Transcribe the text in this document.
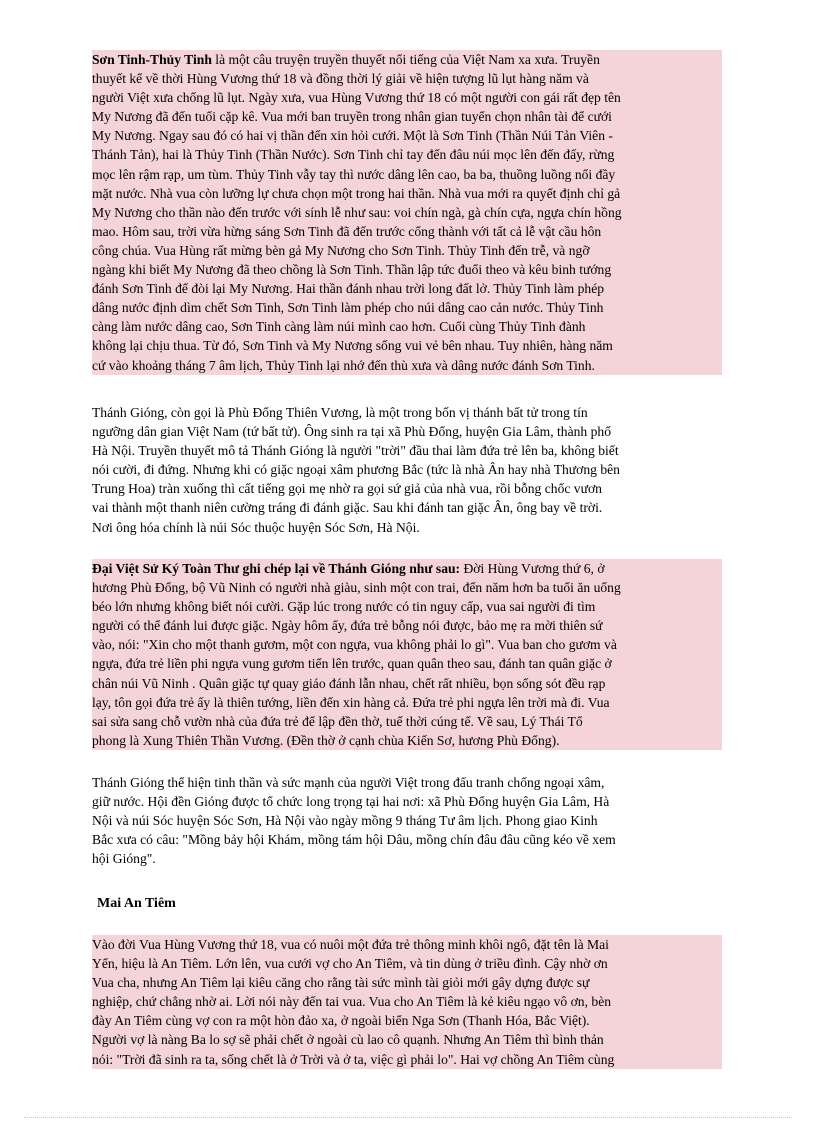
Sơn Tinh-Thủy Tinh là một câu truyện truyền thuyết nổi tiếng của Việt Nam xa xưa. Truyền
thuyết kể về thời Hùng Vương thứ 18 và đồng thời lý giải về hiện tượng lũ lụt hàng năm và
người Việt xưa chống lũ lụt. Ngày xưa, vua Hùng Vương thứ 18 có một người con gái rất đẹp tên
My Nương đã đến tuổi cặp kê. Vua mới ban truyền trong nhân gian tuyển chọn nhân tài để cưới
My Nương. Ngay sau đó có hai vị thần đến xin hỏi cưới. Một là Sơn Tinh (Thần Núi Tản Viên -
Thánh Tản), hai là Thủy Tinh (Thần Nước). Sơn Tinh chỉ tay đến đâu núi mọc lên đến đấy, rừng
mọc lên rậm rạp, um tùm. Thủy Tinh vẫy tay thì nước dâng lên cao, ba ba, thuồng luồng nổi đầy
mặt nước. Nhà vua còn lưỡng lự chưa chọn một trong hai thần. Nhà vua mới ra quyết định chỉ gả
My Nương cho thần nào đến trước với sính lễ như sau: voi chín ngà, gà chín cựa, ngựa chín hồng
mao. Hôm sau, trời vừa hừng sáng Sơn Tinh đã đến trước cổng thành với tất cả lễ vật cầu hôn
công chúa. Vua Hùng rất mừng bèn gả My Nương cho Sơn Tinh. Thủy Tinh đến trễ, và ngỡ
ngàng khi biết My Nương đã theo chồng là Sơn Tinh. Thần lập tức đuổi theo và kêu binh tướng
đánh Sơn Tinh để đòi lại My Nương. Hai thần đánh nhau trời long đất lở. Thủy Tinh làm phép
dâng nước định dìm chết Sơn Tinh, Sơn Tinh làm phép cho núi dâng cao cản nước. Thủy Tinh
càng làm nước dâng cao, Sơn Tinh càng làm núi mình cao hơn. Cuối cùng Thủy Tinh đành
không lại chịu thua. Từ đó, Sơn Tinh và My Nương sống vui vẻ bên nhau. Tuy nhiên, hàng năm
cứ vào khoảng tháng 7 âm lịch, Thủy Tinh lại nhớ đến thù xưa và dâng nước đánh Sơn Tinh.
Thánh Gióng, còn gọi là Phù Đổng Thiên Vương, là một trong bốn vị thánh bất tử trong tín
ngưỡng dân gian Việt Nam (tứ bất tử). Ông sinh ra tại xã Phù Đổng, huyện Gia Lâm, thành phố
Hà Nội. Truyền thuyết mô tả Thánh Gióng là người "trời" đầu thai làm đứa trẻ lên ba, không biết
nói cười, đi đứng. Nhưng khi có giặc ngoại xâm phương Bắc (tức là nhà Ân hay nhà Thương bên
Trung Hoa) tràn xuống thì cất tiếng gọi mẹ nhờ ra gọi sứ giả của nhà vua, rồi bỗng chốc vươn
vai thành một thanh niên cường tráng đi đánh giặc. Sau khi đánh tan giặc Ân, ông bay về trời.
Nơi ông hóa chính là núi Sóc thuộc huyện Sóc Sơn, Hà Nội.
Đại Việt Sử Ký Toàn Thư ghi chép lại về Thánh Gióng như sau: Đời Hùng Vương thứ 6, ở
hương Phù Đổng, bộ Vũ Ninh có người nhà giàu, sinh một con trai, đến năm hơn ba tuổi ăn uống
béo lớn nhưng không biết nói cười. Gặp lúc trong nước có tin nguy cấp, vua sai người đi tìm
người có thể đánh lui được giặc. Ngày hôm ấy, đứa trẻ bỗng nói được, bảo mẹ ra mời thiên sứ
vào, nói: "Xin cho một thanh gươm, một con ngựa, vua không phải lo gì". Vua ban cho gươm và
ngựa, đứa trẻ liền phi ngựa vung gươm tiến lên trước, quan quân theo sau, đánh tan quân giặc ở
chân núi Vũ Ninh . Quân giặc tự quay giáo đánh lẫn nhau, chết rất nhiều, bọn sống sót đều rạp
lạy, tôn gọi đứa trẻ ấy là thiên tướng, liền đến xin hàng cả. Đứa trẻ phi ngựa lên trời mà đi. Vua
sai sửa sang chỗ vườn nhà của đứa trẻ để lập đền thờ, tuế thời cúng tế. Về sau, Lý Thái Tổ
phong là Xung Thiên Thần Vương. (Đền thờ ở cạnh chùa Kiến Sơ, hương Phù Đổng).
Thánh Gióng thể hiện tinh thần và sức mạnh của người Việt trong đấu tranh chống ngoại xâm,
giữ nước. Hội đền Gióng được tổ chức long trọng tại hai nơi: xã Phù Đổng huyện Gia Lâm, Hà
Nội và núi Sóc huyện Sóc Sơn, Hà Nội vào ngày mồng 9 tháng Tư âm lịch. Phong giao Kinh
Bắc xưa có câu: "Mồng bảy hội Khám, mồng tám hội Dâu, mồng chín đâu đâu cũng kéo về xem
hội Gióng".
Mai An Tiêm
Vào đời Vua Hùng Vương thứ 18, vua có nuôi một đứa trẻ thông minh khôi ngô, đặt tên là Mai
Yển, hiệu là An Tiêm. Lớn lên, vua cưới vợ cho An Tiêm, và tin dùng ở triều đình. Cậy nhờ ơn
Vua cha, nhưng An Tiêm lại kiêu căng cho rằng tài sức mình tài giỏi mới gây dựng được sự
nghiệp, chứ chẳng nhờ ai. Lời nói này đến tai vua. Vua cho An Tiêm là kẻ kiêu ngạo vô ơn, bèn
đày An Tiêm cùng vợ con ra một hòn đảo xa, ở ngoài biển Nga Sơn (Thanh Hóa, Bắc Việt).
Người vợ là nàng Ba lo sợ sẽ phải chết ở ngoài cù lao cô quạnh. Nhưng An Tiêm thì bình thản
nói: "Trời đã sinh ra ta, sống chết là ở Trời và ở ta, việc gì phải lo". Hai vợ chồng An Tiêm cùng
